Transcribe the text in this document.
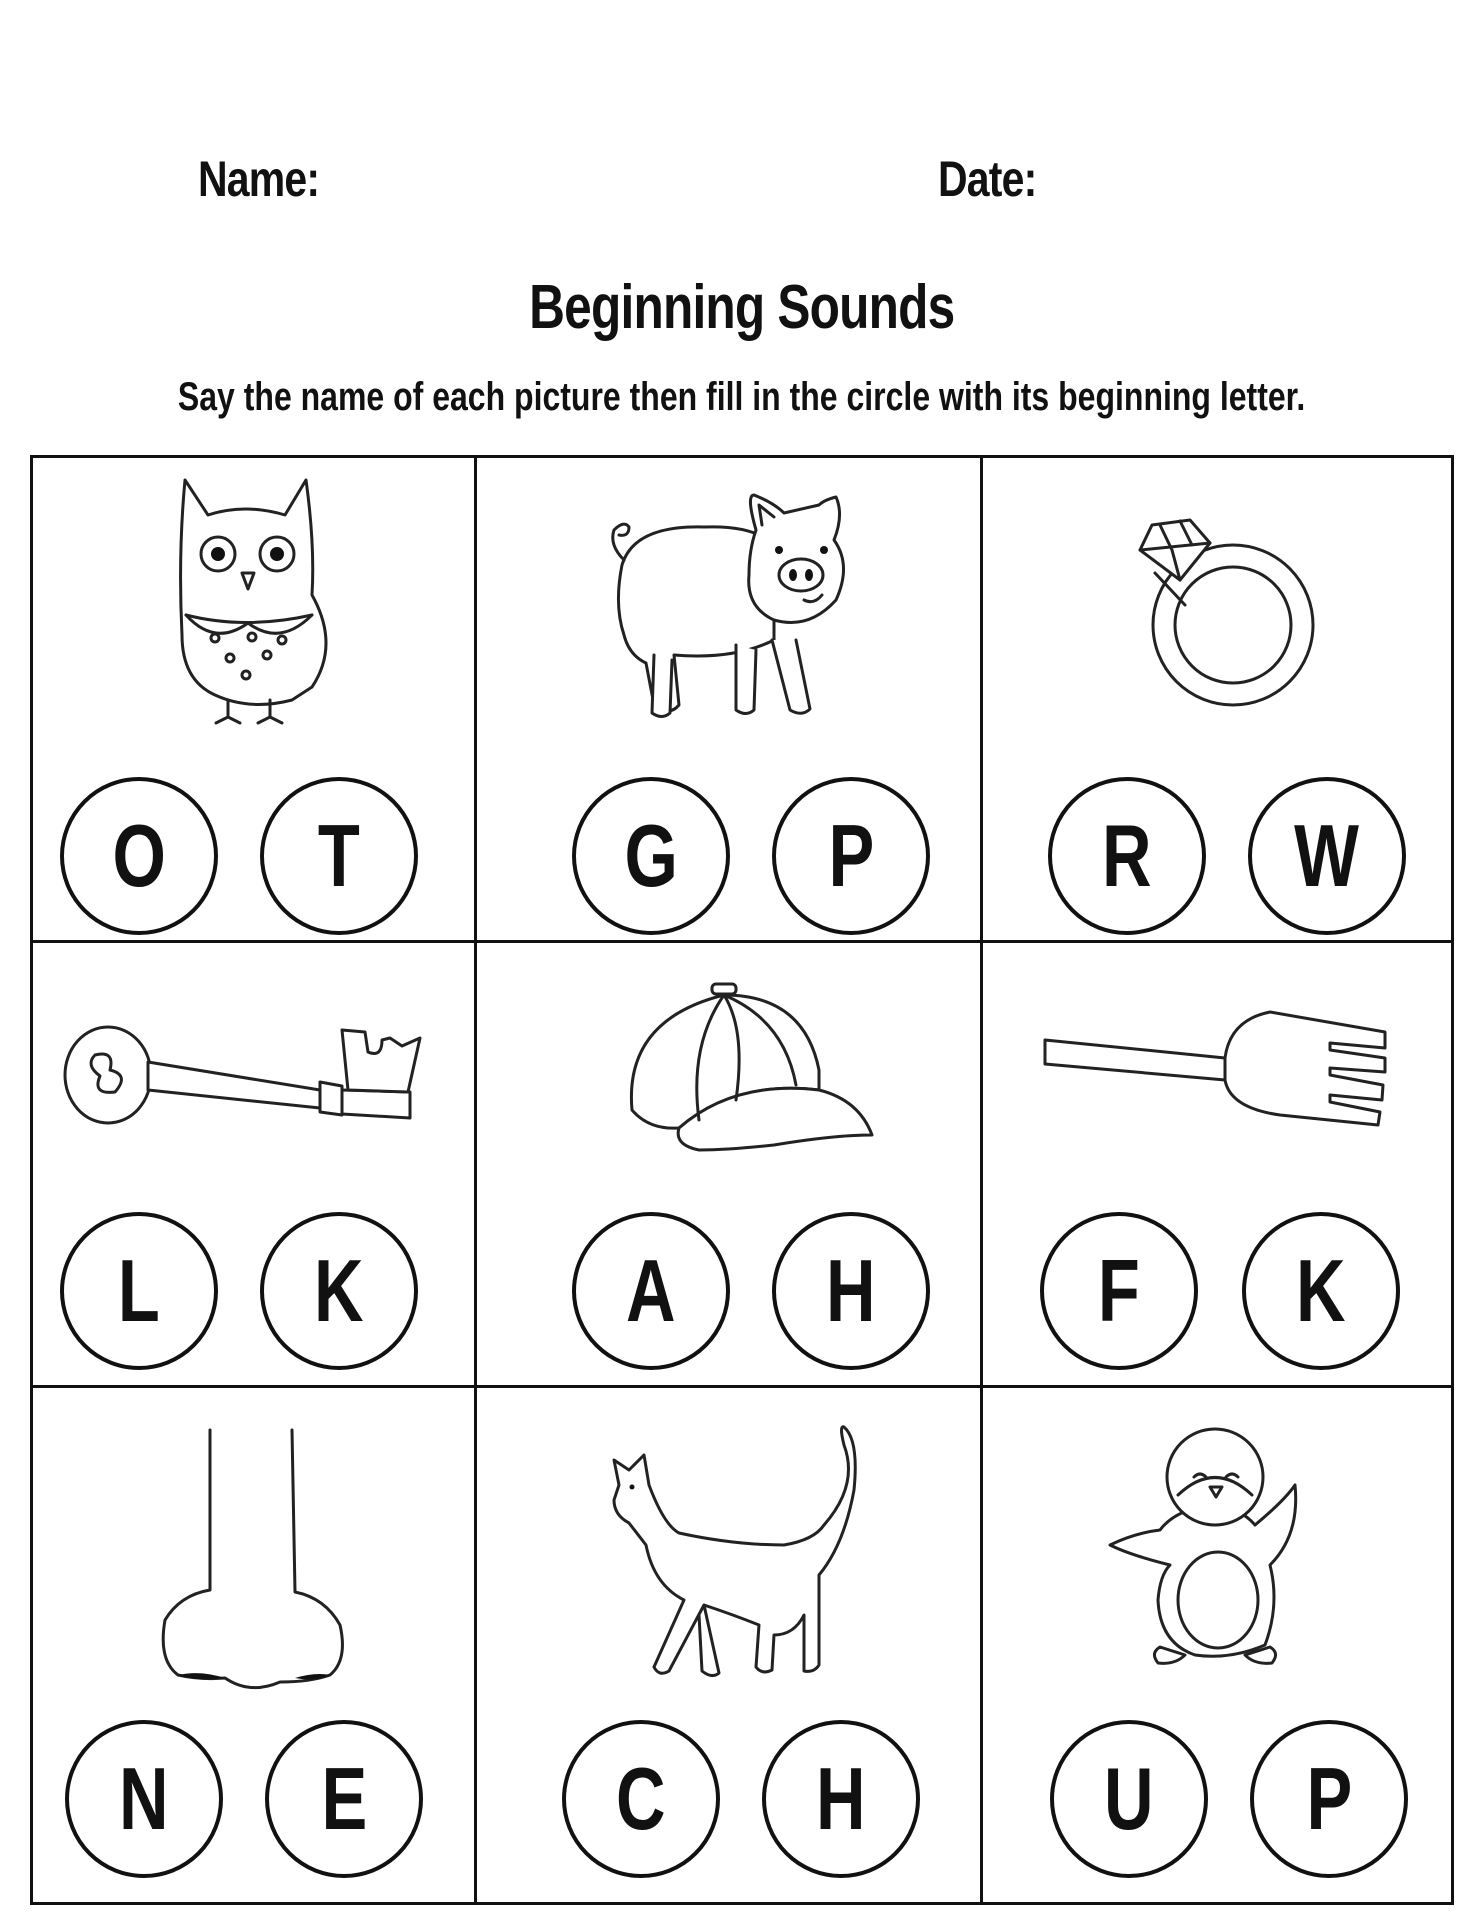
Name:	Date:
Beginning Sounds
Say the name of each picture then fill in the circle with its beginning letter.
O T	G P	R W
L K	A H	F K
N E	C H	U P
